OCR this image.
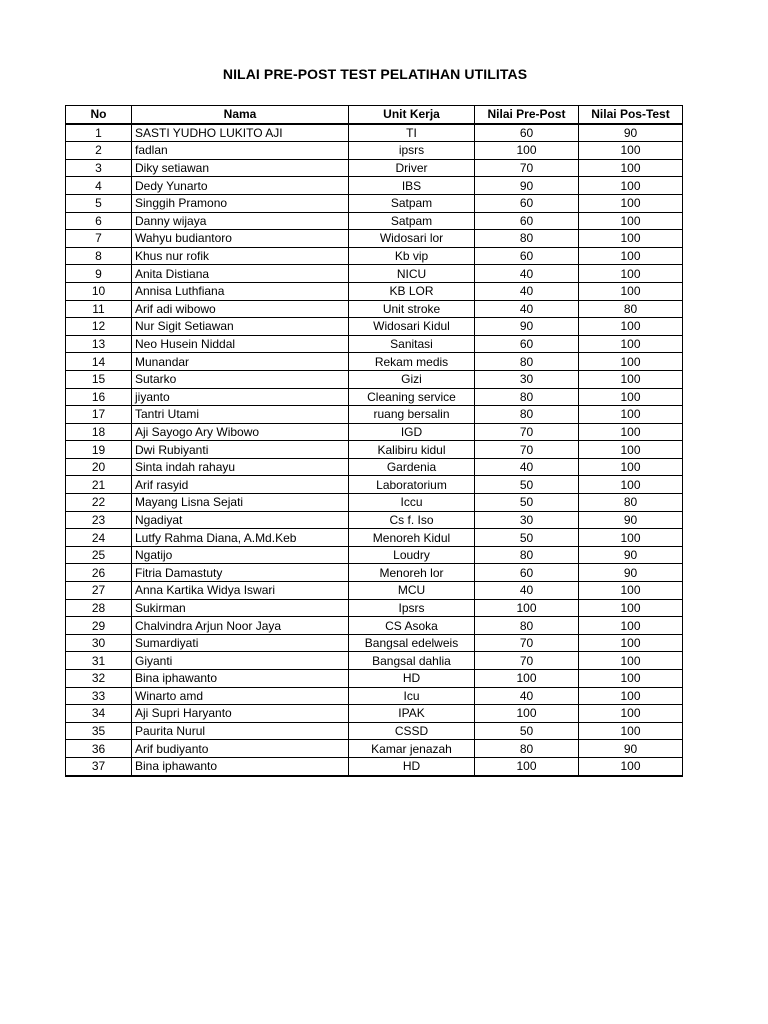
NILAI PRE-POST TEST PELATIHAN UTILITAS
No	Nama	Unit Kerja	Nilai Pre-Post	Nilai Pos-Test
1	SASTI YUDHO LUKITO AJI	TI	60	90
2	fadlan	ipsrs	100	100
3	Diky setiawan	Driver	70	100
4	Dedy Yunarto	IBS	90	100
5	Singgih Pramono	Satpam	60	100
6	Danny wijaya	Satpam	60	100
7	Wahyu budiantoro	Widosari lor	80	100
8	Khus nur rofik	Kb vip	60	100
9	Anita Distiana	NICU	40	100
10	Annisa Luthfiana	KB LOR	40	100
11	Arif adi wibowo	Unit stroke	40	80
12	Nur Sigit Setiawan	Widosari Kidul	90	100
13	Neo Husein Niddal	Sanitasi	60	100
14	Munandar	Rekam medis	80	100
15	Sutarko	Gizi	30	100
16	jiyanto	Cleaning service	80	100
17	Tantri Utami	ruang bersalin	80	100
18	Aji Sayogo Ary Wibowo	IGD	70	100
19	Dwi Rubiyanti	Kalibiru kidul	70	100
20	Sinta indah rahayu	Gardenia	40	100
21	Arif rasyid	Laboratorium	50	100
22	Mayang Lisna Sejati	Iccu	50	80
23	Ngadiyat	Cs f. Iso	30	90
24	Lutfy Rahma Diana, A.Md.Keb	Menoreh Kidul	50	100
25	Ngatijo	Loudry	80	90
26	Fitria Damastuty	Menoreh lor	60	90
27	Anna Kartika Widya Iswari	MCU	40	100
28	Sukirman	Ipsrs	100	100
29	Chalvindra Arjun Noor Jaya	CS Asoka	80	100
30	Sumardiyati	Bangsal edelweis	70	100
31	Giyanti	Bangsal dahlia	70	100
32	Bina iphawanto	HD	100	100
33	Winarto amd	Icu	40	100
34	Aji Supri Haryanto	IPAK	100	100
35	Paurita Nurul	CSSD	50	100
36	Arif budiyanto	Kamar jenazah	80	90
37	Bina iphawanto	HD	100	100
